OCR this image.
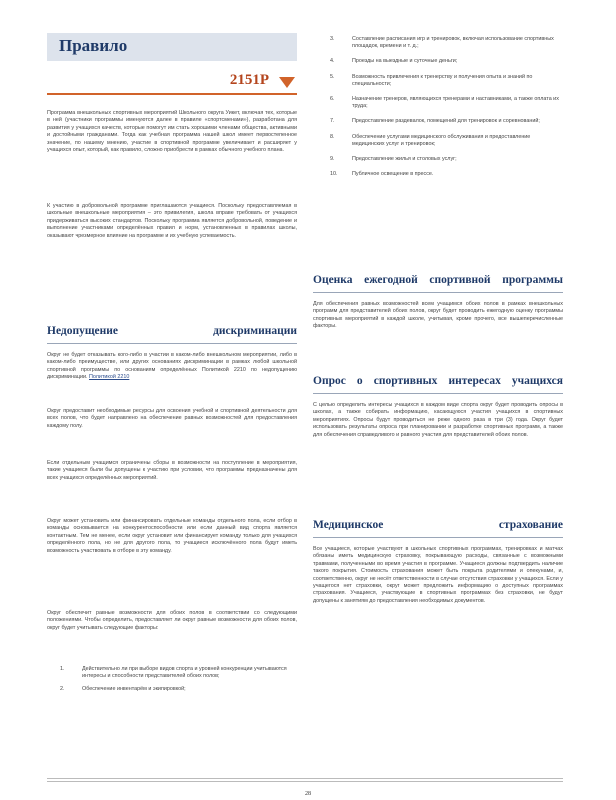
Правило
2151P
Программа внешкольных спортивных мероприятий Школьного округа Уикет, включая тех, которые в ней (участники программы именуются далее в правиле «спортсменами»), разработана для развития у учащихся качеств, которые помогут им стать хорошими членами общества, активными и достойными гражданами. Тогда как учебная программа нашей школ имеет первостепенное значение, по нашему мнению, участие в спортивной программе увеличивает и расширяет у учащихся опыт, который, как правило, сложно приобрести в рамках обычного учебного плана.
К участию в добровольной программе приглашаются учащиеся. Поскольку предоставляемая в школьные внешкольные мероприятия – это привилегия, школа вправе требовать от учащихся придерживаться высоких стандартов. Поскольку программа является добровольной, поведение и выполнение участниками определённых правил и норм, установленных в правилах школы, оказывают чрезмерное влияние на программе и их учебную успеваемость.
Недопущение	дискриминации
Округ не будет отказывать кого-либо в участии в каком-либо внешкольном мероприятии, либо в каком-либо преимуществе, или других основаниях дискриминации в рамках любой школьной спортивной программы по основаниям определённых Политикой 2210 по недопущению дискриминации. Политикой 2210
Округ предоставит необходимые ресурсы для освоения учебной и спортивной деятельности для всех полов, что будет направлено на обеспечение равных возможностей для предоставления каждому полу.
Если отдельным учащимся ограничены сборы в возможности на поступление в мероприятия, такие учащиеся были бы допущены к участию при условии, что программы предназначены для всех учащихся определённых мероприятий.
Округ может установить или финансировать отдельные команды отдельного пола, если отбор в команды основывается на конкурентоспособности или если данный вид спорта является контактным. Тем не менее, если округ установит или финансирует команду только для учащихся определённого пола, но не для другого пола, то учащиеся исключённого пола будут иметь возможность участвовать в отборе в эту команду.
Округ обеспечит равные возможности для обоих полов в соответствии со следующими положениями. Чтобы определить, предоставляет ли округ равные возможности для обоих полов, округ будет учитывать следующие факторы:
1.	Действительно ли при выборе видов спорта и уровней конкуренции учитываются интересы и способности представителей обоих полов;
2.	Обеспечение инвентарём и экипировкой;
3.	Составление расписания игр и тренировок, включая использование спортивных площадок, времени и т. д.;
4.	Проезды на выездные и суточные деньги;
5.	Возможность привлечения к тренерству и получения опыта и знаний по специальности;
6.	Назначение тренеров, являющихся тренерами и наставниками, а также оплата их труда;
7.	Предоставление раздевалок, помещений для тренировок и соревнований;
8.	Обеспечение услугами медицинского обслуживания и предоставление медицинских услуг и тренировок;
9.	Предоставление жилья и столовых услуг;
10.	Публичное освещение в прессе.
Оценка ежегодной спортивной программы
Для обеспечения равных возможностей всем учащимся обоих полов в рамках внешкольных программ для представителей обоих полов, округ будет проводить ежегодную оценку программы спортивных мероприятий в каждой школе, учитывая, кроме прочего, все вышеперечисленные факторы.
Опрос о спортивных интересах учащихся
С целью определить интересы учащихся в каждом виде спорта округ будет проводить опросы в школах, а также собирать информацию, касающуюся участия учащихся в спортивных мероприятиях. Опросы будут проводиться не реже одного раза в три (3) года. Округ будет использовать результаты опроса при планировании и разработке спортивных программ, а также для обеспечения справедливого и равного участия для представителей обоих полов.
Медицинское	страхование
Все учащиеся, которые участвуют в школьных спортивных программах, тренировках и матчах обязаны иметь медицинскую страховку, покрывающую расходы, связанные с возможными травмами, полученными во время участия в программе. Учащиеся должны подтвердить наличие такого покрытия. Стоимость страхования может быть покрыта родителями и опекунами, и, соответственно, округ не несёт ответственности в случае отсутствия страховки у учащихся. Если у учащегося нет страховки, округ может предложить информацию о доступных программах страхования. Учащиеся, участвующие в спортивных программах без страховки, не будут допущены к занятиям до предоставления необходимых документов.
28
